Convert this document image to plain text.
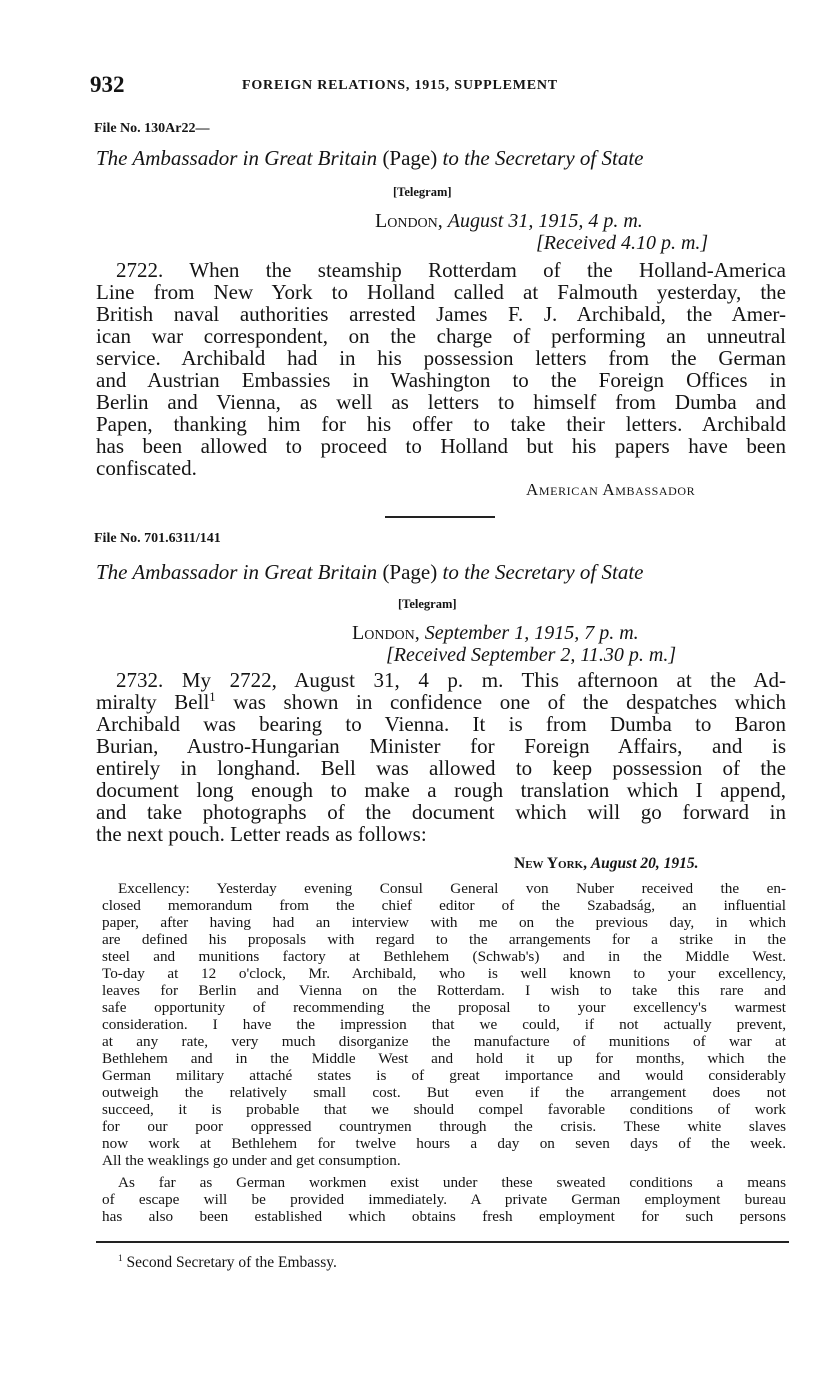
932	FOREIGN RELATIONS, 1915, SUPPLEMENT
File No. 130Ar22—
The Ambassador in Great Britain (Page) to the Secretary of State
[Telegram]
London, August 31, 1915, 4 p. m.
[Received 4.10 p. m.]
2722. When the steamship Rotterdam of the Holland-America
Line from New York to Holland called at Falmouth yesterday, the
British naval authorities arrested James F. J. Archibald, the Amer-
ican war correspondent, on the charge of performing an unneutral
service. Archibald had in his possession letters from the German
and Austrian Embassies in Washington to the Foreign Offices in
Berlin and Vienna, as well as letters to himself from Dumba and
Papen, thanking him for his offer to take their letters. Archibald
has been allowed to proceed to Holland but his papers have been
confiscated.
American Ambassador
File No. 701.6311/141
The Ambassador in Great Britain (Page) to the Secretary of State
[Telegram]
London, September 1, 1915, 7 p. m.
[Received September 2, 11.30 p. m.]
2732. My 2722, August 31, 4 p. m. This afternoon at the Ad-
miralty Bell$^1$ was shown in confidence one of the despatches which
Archibald was bearing to Vienna. It is from Dumba to Baron
Burian, Austro-Hungarian Minister for Foreign Affairs, and is
entirely in longhand. Bell was allowed to keep possession of the
document long enough to make a rough translation which I append,
and take photographs of the document which will go forward in
the next pouch. Letter reads as follows:
New York, August 20, 1915.
Excellency: Yesterday evening Consul General von Nuber received the en-
closed memorandum from the chief editor of the Szabadság, an influential
paper, after having had an interview with me on the previous day, in which
are defined his proposals with regard to the arrangements for a strike in the
steel and munitions factory at Bethlehem (Schwab's) and in the Middle West.
To-day at 12 o'clock, Mr. Archibald, who is well known to your excellency,
leaves for Berlin and Vienna on the Rotterdam. I wish to take this rare and
safe opportunity of recommending the proposal to your excellency's warmest
consideration. I have the impression that we could, if not actually prevent,
at any rate, very much disorganize the manufacture of munitions of war at
Bethlehem and in the Middle West and hold it up for months, which the
German military attaché states is of great importance and would considerably
outweigh the relatively small cost. But even if the arrangement does not
succeed, it is probable that we should compel favorable conditions of work
for our poor oppressed countrymen through the crisis. These white slaves
now work at Bethlehem for twelve hours a day on seven days of the week.
All the weaklings go under and get consumption.
As far as German workmen exist under these sweated conditions a means
of escape will be provided immediately. A private German employment bureau
has also been established which obtains fresh employment for such persons
$^1$ Second Secretary of the Embassy.
